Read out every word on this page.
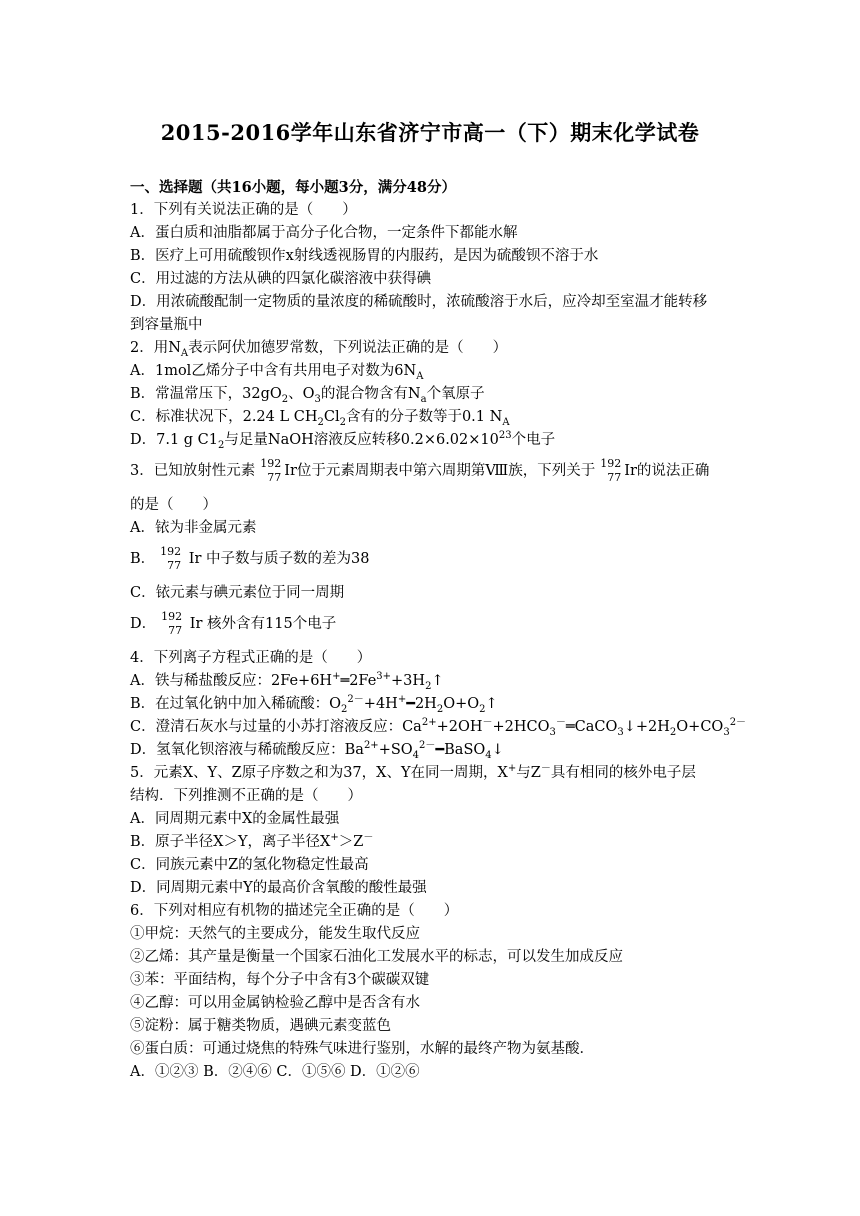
2015-2016学年山东省济宁市高一（下）期末化学试卷
一、选择题（共16小题，每小题3分，满分48分）
1．下列有关说法正确的是（　　）
A．蛋白质和油脂都属于高分子化合物，一定条件下都能水解
B．医疗上可用硫酸钡作x射线透视肠胃的内服药，是因为硫酸钡不溶于水
C．用过滤的方法从碘的四氯化碳溶液中获得碘
D．用浓硫酸配制一定物质的量浓度的稀硫酸时，浓硫酸溶于水后，应冷却至室温才能转移
到容量瓶中
2．用$N_A$表示阿伏加德罗常数，下列说法正确的是（　　）
A．1mol乙烯分子中含有共用电子对数为$6N_A$
B．常温常压下，$32gO_2$、$O_3$的混合物含有$N_a$个氧原子
C．标准状况下，2.24 L $CH_2Cl_2$含有的分子数等于0.1 $N_A$
D．7.1 g $C1_2$与足量NaOH溶液反应转移$0.2\times 6.02\times 10^{23}$个电子
3．已知放射性元素 192
77 Ir位于元素周期表中第六周期第Ⅷ族，下列关于 192
77 Ir的说法正确
的是（　　）
A．铱为非金属元素
B． 192
77 Ir 中子数与质子数的差为38
C．铱元素与碘元素位于同一周期
D． 192
77 Ir 核外含有115个电子
4．下列离子方程式正确的是（　　）
A．铁与稀盐酸反应：$2Fe+6H^+═2Fe^{3+}+3H_2↑$
B．在过氧化钠中加入稀硫酸：$O_2^{2-}+4H^+━2H_2O+O_2↑$
C．澄清石灰水与过量的小苏打溶液反应：$Ca^{2+}+2OH^-+2HCO_3^-═CaCO_3↓+2H_2O+CO_3^{2-}$
D．氢氧化钡溶液与稀硫酸反应：$Ba^{2+}+SO_4^{2-}━BaSO_4↓$
5．元素X、Y、Z原子序数之和为37，X、Y在同一周期，X+与Z－具有相同的核外电子层
结构．下列推测不正确的是（　　）
A．同周期元素中X的金属性最强
B．原子半径X＞Y，离子半径X+＞Z－
C．同族元素中Z的氢化物稳定性最高
D．同周期元素中Y的最高价含氧酸的酸性最强
6．下列对相应有机物的描述完全正确的是（　　）
①甲烷：天然气的主要成分，能发生取代反应
②乙烯：其产量是衡量一个国家石油化工发展水平的标志，可以发生加成反应
③苯：平面结构，每个分子中含有3个碳碳双键
④乙醇：可以用金属钠检验乙醇中是否含有水
⑤淀粉：属于糖类物质，遇碘元素变蓝色
⑥蛋白质：可通过烧焦的特殊气味进行鉴别，水解的最终产物为氨基酸．
A．①②③ B．②④⑥ C．①⑤⑥ D．①②⑥
